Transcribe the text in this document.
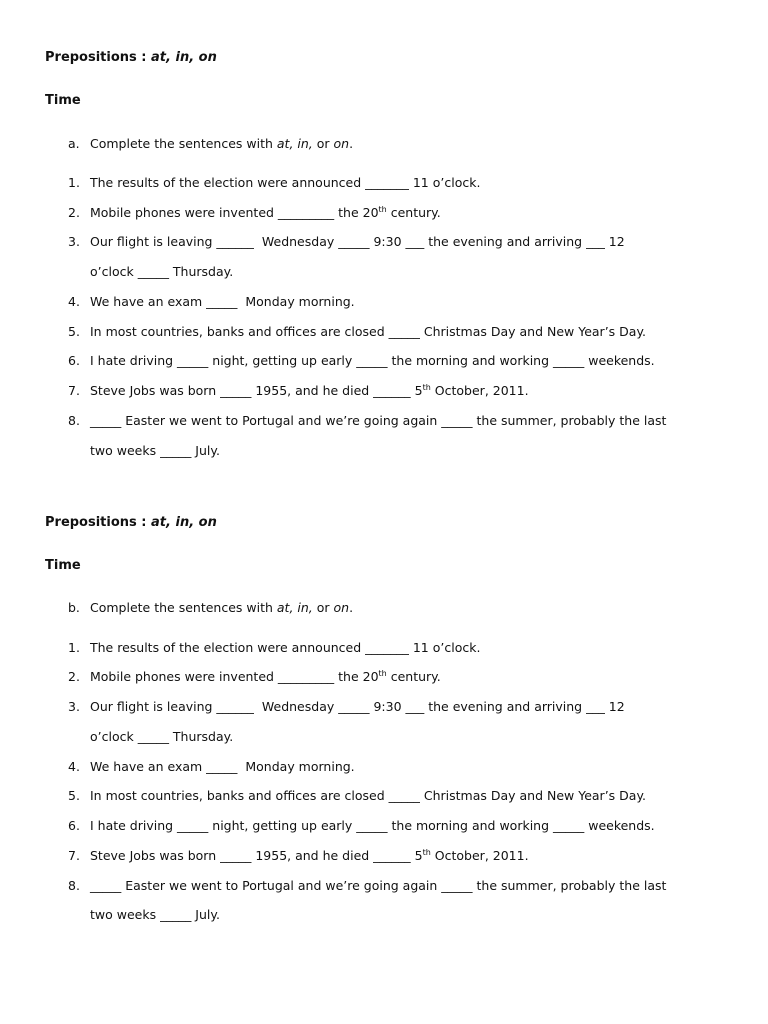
Prepositions : at, in, on
Time
a. Complete the sentences with at, in, or on.
1. The results of the election were announced _______ 11 o’clock.
2. Mobile phones were invented _________ the 20th century.
3. Our flight is leaving ______  Wednesday _____ 9:30 ___ the evening and arriving ___ 12
o’clock _____ Thursday.
4. We have an exam _____  Monday morning.
5. In most countries, banks and offices are closed _____ Christmas Day and New Year’s Day.
6. I hate driving _____ night, getting up early _____ the morning and working _____ weekends.
7. Steve Jobs was born _____ 1955, and he died ______ 5th October, 2011.
8. _____ Easter we went to Portugal and we’re going again _____ the summer, probably the last
two weeks _____ July.
Prepositions : at, in, on
Time
b. Complete the sentences with at, in, or on.
1. The results of the election were announced _______ 11 o’clock.
2. Mobile phones were invented _________ the 20th century.
3. Our flight is leaving ______  Wednesday _____ 9:30 ___ the evening and arriving ___ 12
o’clock _____ Thursday.
4. We have an exam _____  Monday morning.
5. In most countries, banks and offices are closed _____ Christmas Day and New Year’s Day.
6. I hate driving _____ night, getting up early _____ the morning and working _____ weekends.
7. Steve Jobs was born _____ 1955, and he died ______ 5th October, 2011.
8. _____ Easter we went to Portugal and we’re going again _____ the summer, probably the last
two weeks _____ July.
